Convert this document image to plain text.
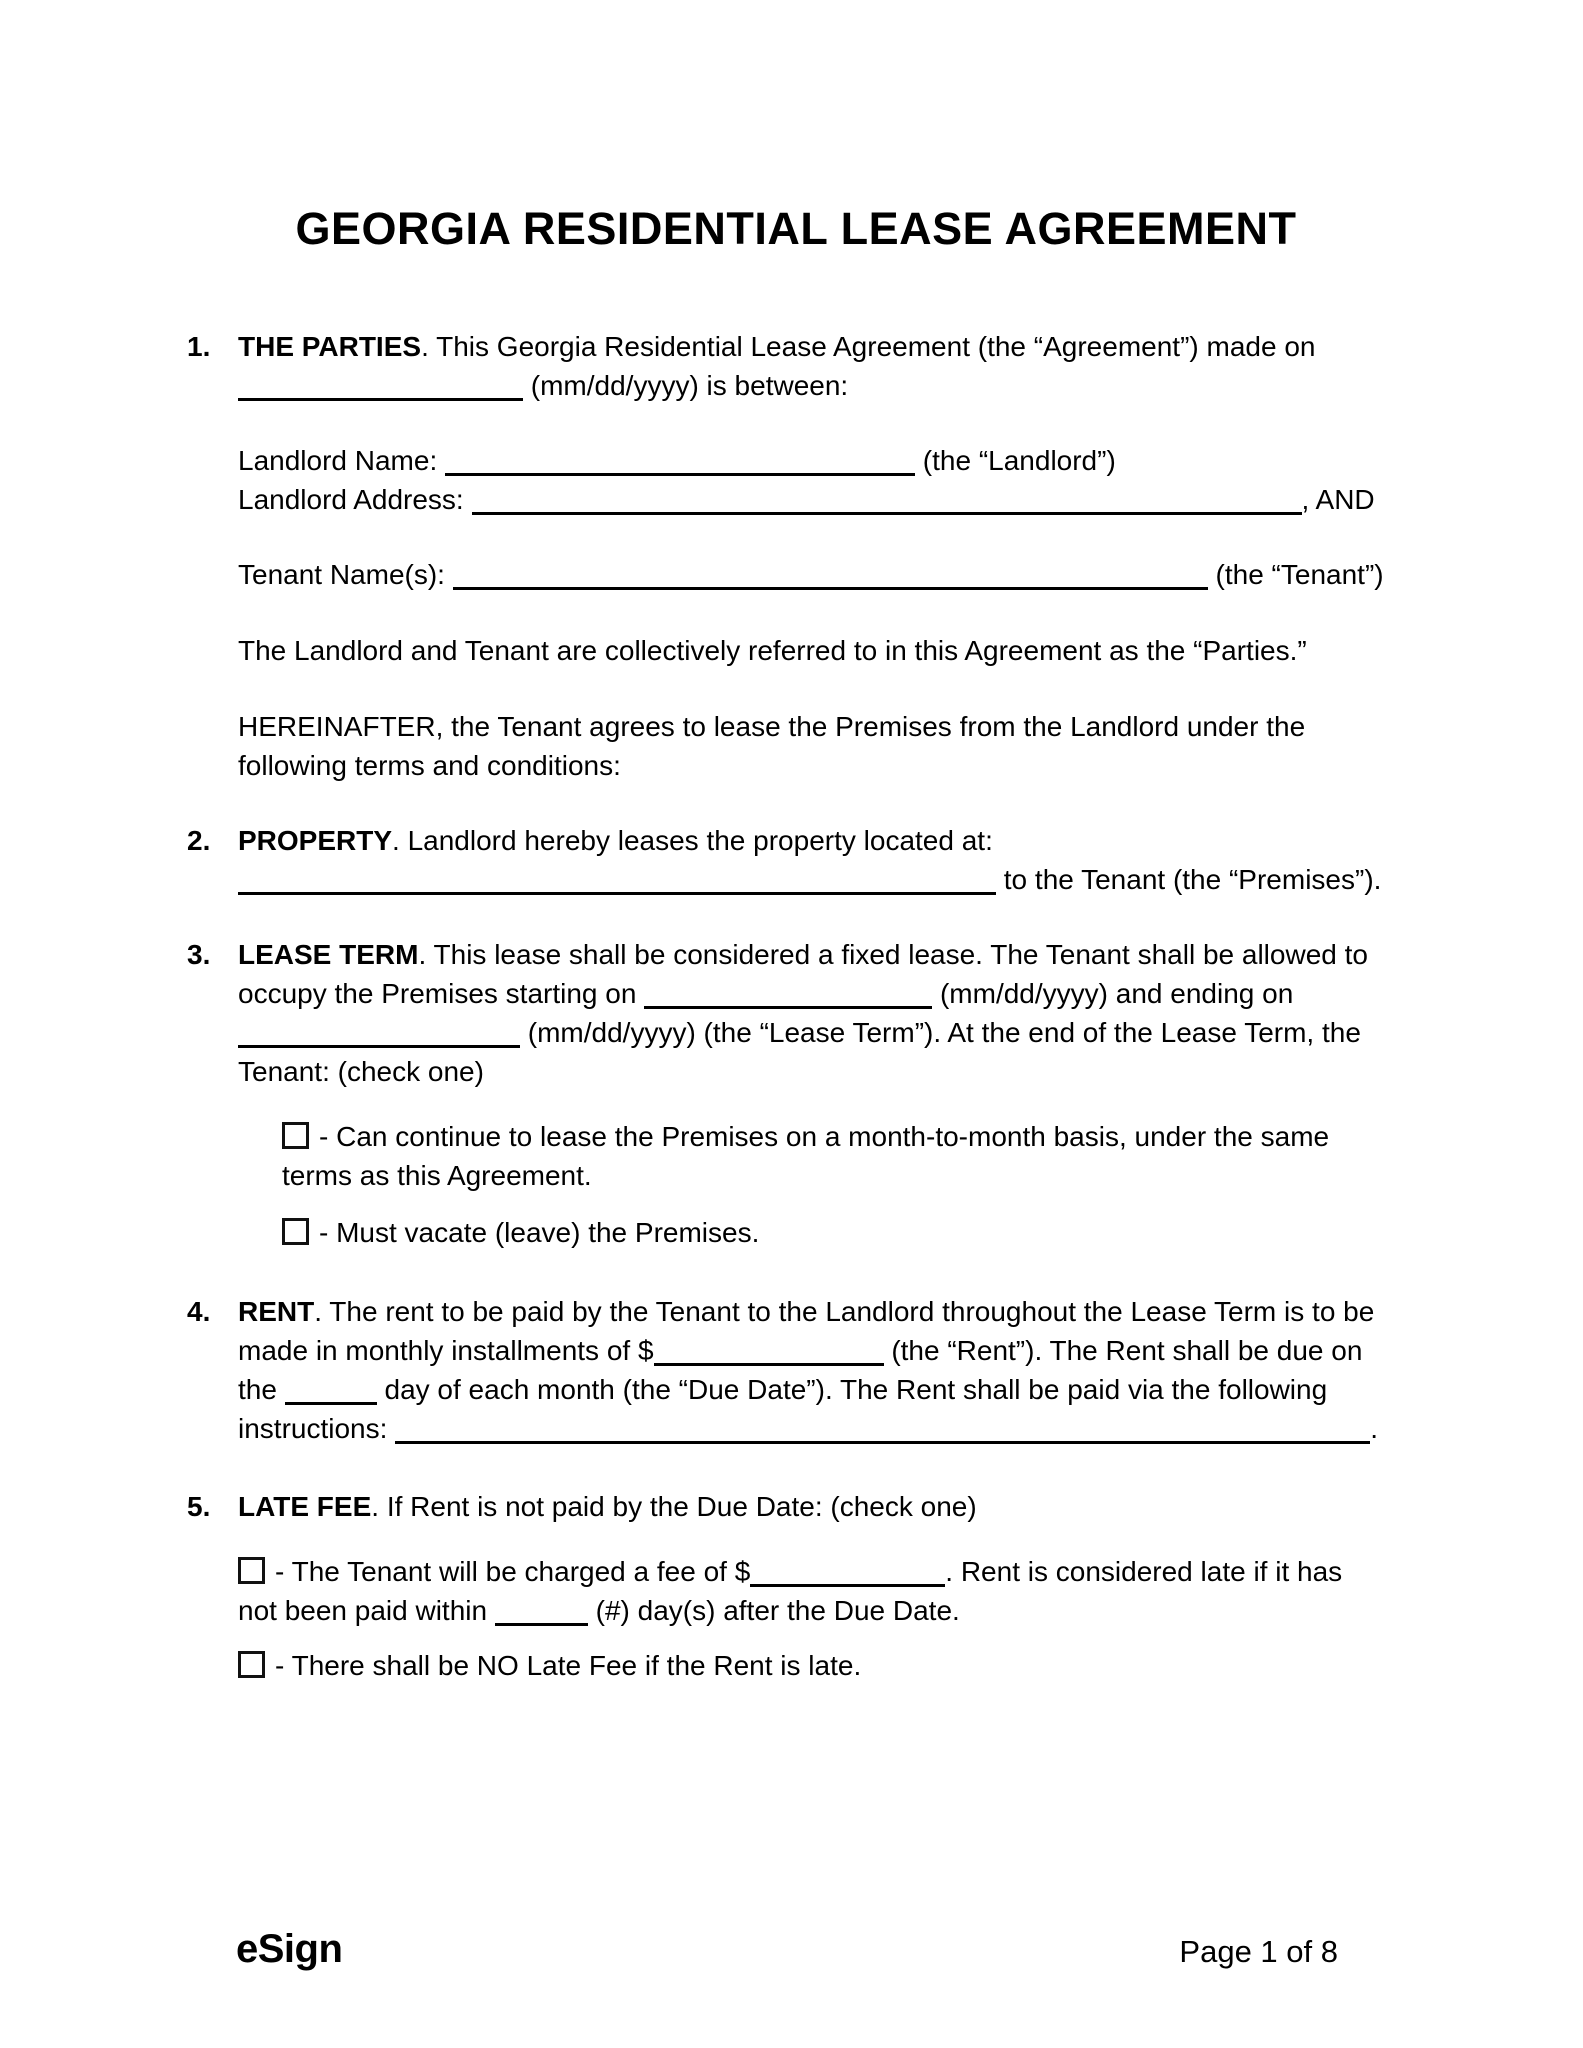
GEORGIA RESIDENTIAL LEASE AGREEMENT
1. THE PARTIES. This Georgia Residential Lease Agreement (the “Agreement”) made on
(mm/dd/yyyy) is between:
Landlord Name:	(the “Landlord”)
Landlord Address:	, AND
Tenant Name(s):	(the “Tenant”)
The Landlord and Tenant are collectively referred to in this Agreement as the “Parties.”
HEREINAFTER, the Tenant agrees to lease the Premises from the Landlord under the
following terms and conditions:
2. PROPERTY. Landlord hereby leases the property located at:
to the Tenant (the “Premises”).
3. LEASE TERM. This lease shall be considered a fixed lease. The Tenant shall be allowed to
occupy the Premises starting on	(mm/dd/yyyy) and ending on
(mm/dd/yyyy) (the “Lease Term”). At the end of the Lease Term, the
Tenant: (check one)
- Can continue to lease the Premises on a month-to-month basis, under the same
terms as this Agreement.
- Must vacate (leave) the Premises.
4. RENT. The rent to be paid by the Tenant to the Landlord throughout the Lease Term is to be
made in monthly installments of $	(the “Rent”). The Rent shall be due on
the	day of each month (the “Due Date”). The Rent shall be paid via the following
instructions:	.
5. LATE FEE. If Rent is not paid by the Due Date: (check one)
- The Tenant will be charged a fee of $	. Rent is considered late if it has
not been paid within	(#) day(s) after the Due Date.
- There shall be NO Late Fee if the Rent is late.
eSign	Page 1 of 8
